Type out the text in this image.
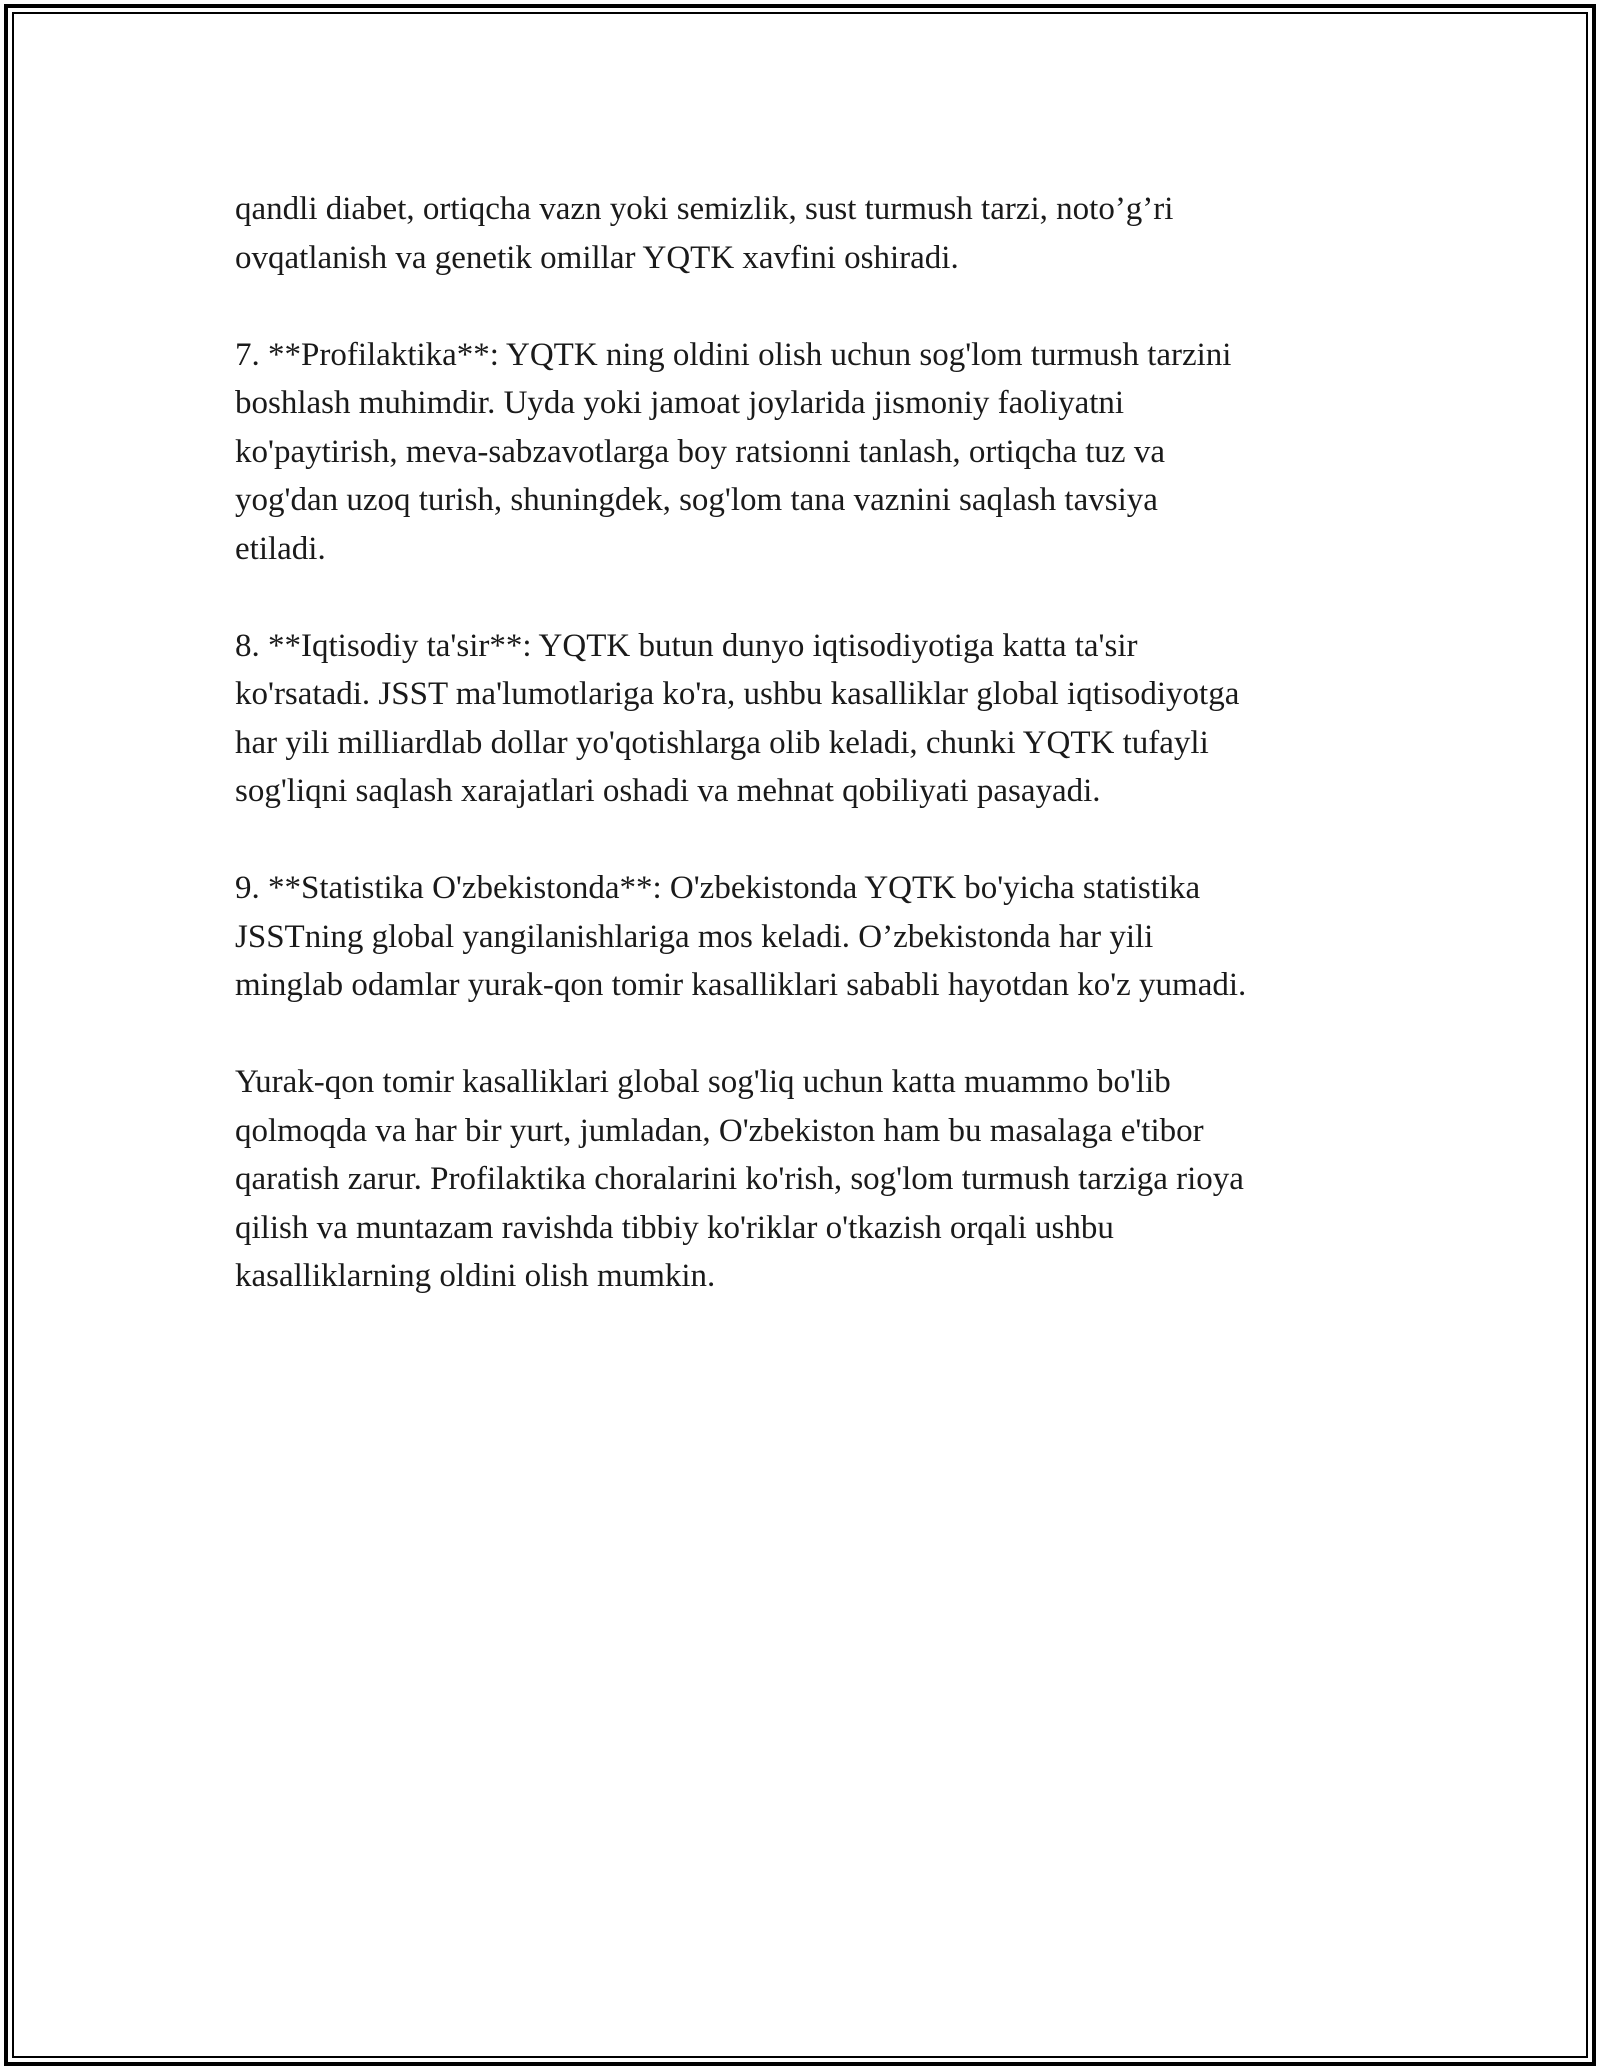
qandli diabet, ortiqcha vazn yoki semizlik, sust turmush tarzi, noto’g’ri
ovqatlanish va genetik omillar YQTK xavfini oshiradi.

7. **Profilaktika**: YQTK ning oldini olish uchun sog'lom turmush tarzini
boshlash muhimdir. Uyda yoki jamoat joylarida jismoniy faoliyatni
ko'paytirish, meva-sabzavotlarga boy ratsionni tanlash, ortiqcha tuz va
yog'dan uzoq turish, shuningdek, sog'lom tana vaznini saqlash tavsiya
etiladi.

8. **Iqtisodiy ta'sir**: YQTK butun dunyo iqtisodiyotiga katta ta'sir
ko'rsatadi. JSST ma'lumotlariga ko'ra, ushbu kasalliklar global iqtisodiyotga
har yili milliardlab dollar yo'qotishlarga olib keladi, chunki YQTK tufayli
sog'liqni saqlash xarajatlari oshadi va mehnat qobiliyati pasayadi.

9. **Statistika O'zbekistonda**: O'zbekistonda YQTK bo'yicha statistika
JSSTning global yangilanishlariga mos keladi. O’zbekistonda har yili
minglab odamlar yurak-qon tomir kasalliklari sababli hayotdan ko'z yumadi.

Yurak-qon tomir kasalliklari global sog'liq uchun katta muammo bo'lib
qolmoqda va har bir yurt, jumladan, O'zbekiston ham bu masalaga e'tibor
qaratish zarur. Profilaktika choralarini ko'rish, sog'lom turmush tarziga rioya
qilish va muntazam ravishda tibbiy ko'riklar o'tkazish orqali ushbu
kasalliklarning oldini olish mumkin.
